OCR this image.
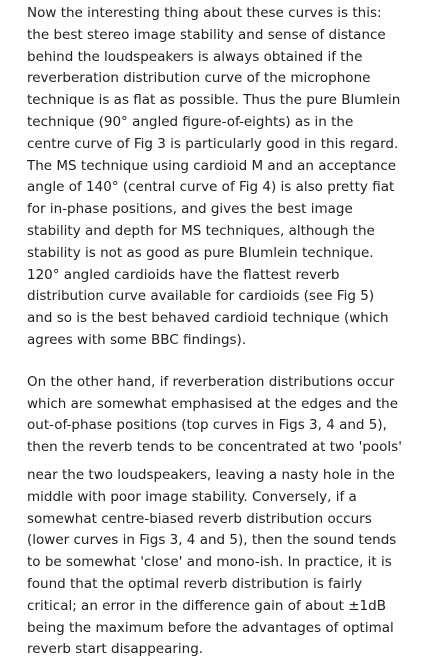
Now the interesting thing about these curves is this:
the best stereo image stability and sense of distance
behind the loudspeakers is always obtained if the
reverberation distribution curve of the microphone
technique is as flat as possible. Thus the pure Blumlein
technique (90° angled figure-of-eights) as in the
centre curve of Fig 3 is particularly good in this regard.
The MS technique using cardioid M and an acceptance
angle of 140° (central curve of Fig 4) is also pretty fiat
for in-phase positions, and gives the best image
stability and depth for MS techniques, although the
stability is not as good as pure Blumlein technique.
120° angled cardioids have the flattest reverb
distribution curve available for cardioids (see Fig 5)
and so is the best behaved cardioid technique (which
agrees with some BBC findings).
On the other hand, if reverberation distributions occur
which are somewhat emphasised at the edges and the
out-of-phase positions (top curves in Figs 3, 4 and 5),
then the reverb tends to be concentrated at two 'pools'
near the two loudspeakers, leaving a nasty hole in the
middle with poor image stability. Conversely, if a
somewhat centre-biased reverb distribution occurs
(lower curves in Figs 3, 4 and 5), then the sound tends
to be somewhat 'close' and mono-ish. In practice, it is
found that the optimal reverb distribution is fairly
critical; an error in the difference gain of about ±1dB
being the maximum before the advantages of optimal
reverb start disappearing.
